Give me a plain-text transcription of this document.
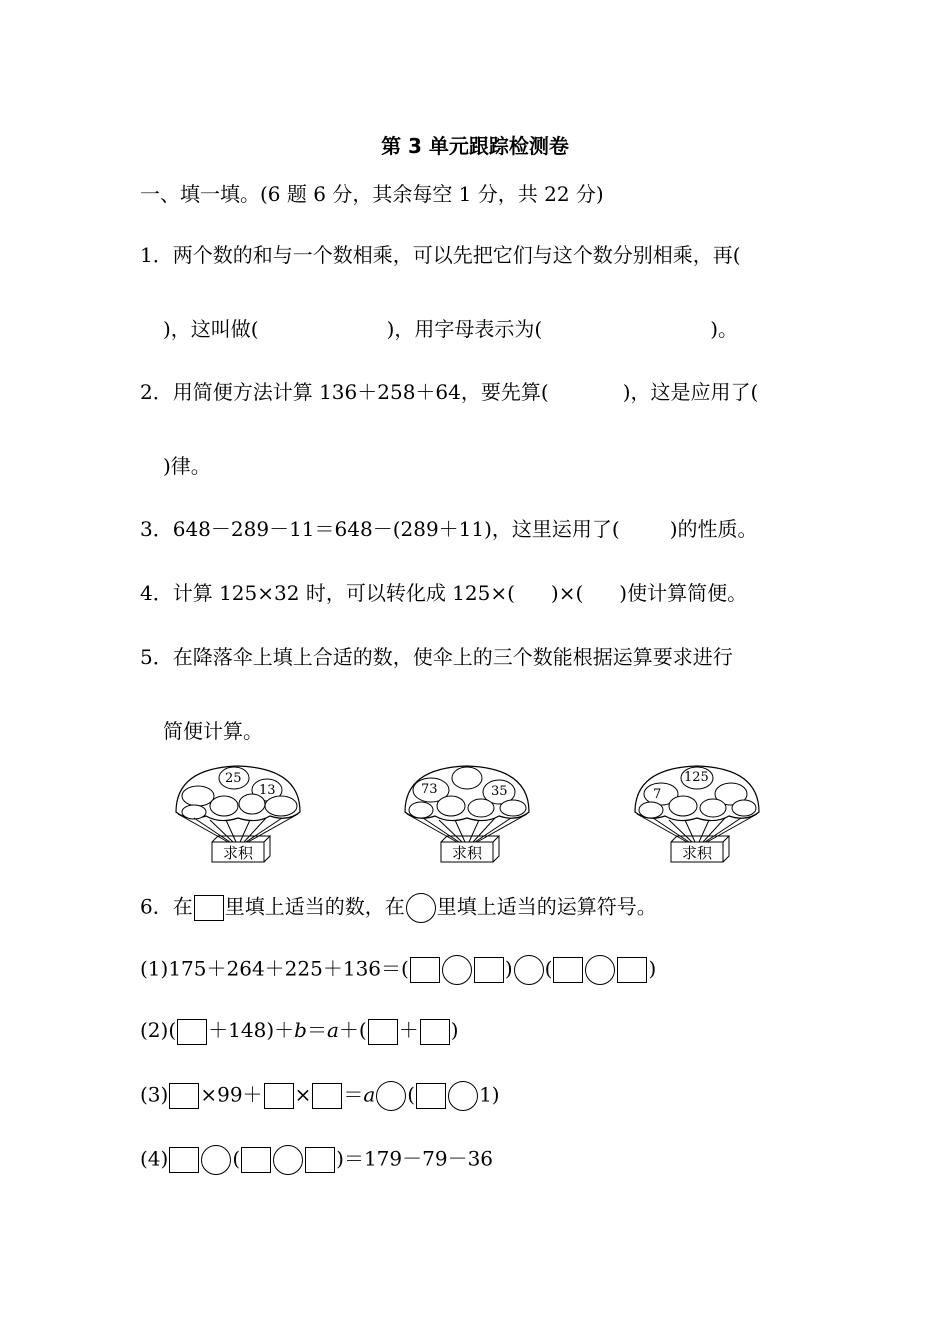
第 3 单元跟踪检测卷
一、填一填。(6 题 6 分，其余每空 1 分，共 22 分)
1．两个数的和与一个数相乘，可以先把它们与这个数分别相乘，再(
)，这叫做(	)，用字母表示为(	)。
2．用简便方法计算 136＋258＋64，要先算(	)，这是应用了(
)律。
3．648－289－11＝648－(289＋11)，这里运用了(	)的性质。
4．计算 125×32 时，可以转化成 125×( )×( )使计算简便。
5．在降落伞上填上合适的数，使伞上的三个数能根据运算要求进行
简便计算。
25
13
求积
73	35
求积
125
7
求积
6．在 里填上适当的数，在 里填上适当的运算符号。
(1)175＋264＋225＋136＝(	) (	)
(2)( ＋148)＋b＝a＋( ＋ )
(3) ×99＋ × ＝a (	1)
(4)	(	)＝179－79－36
